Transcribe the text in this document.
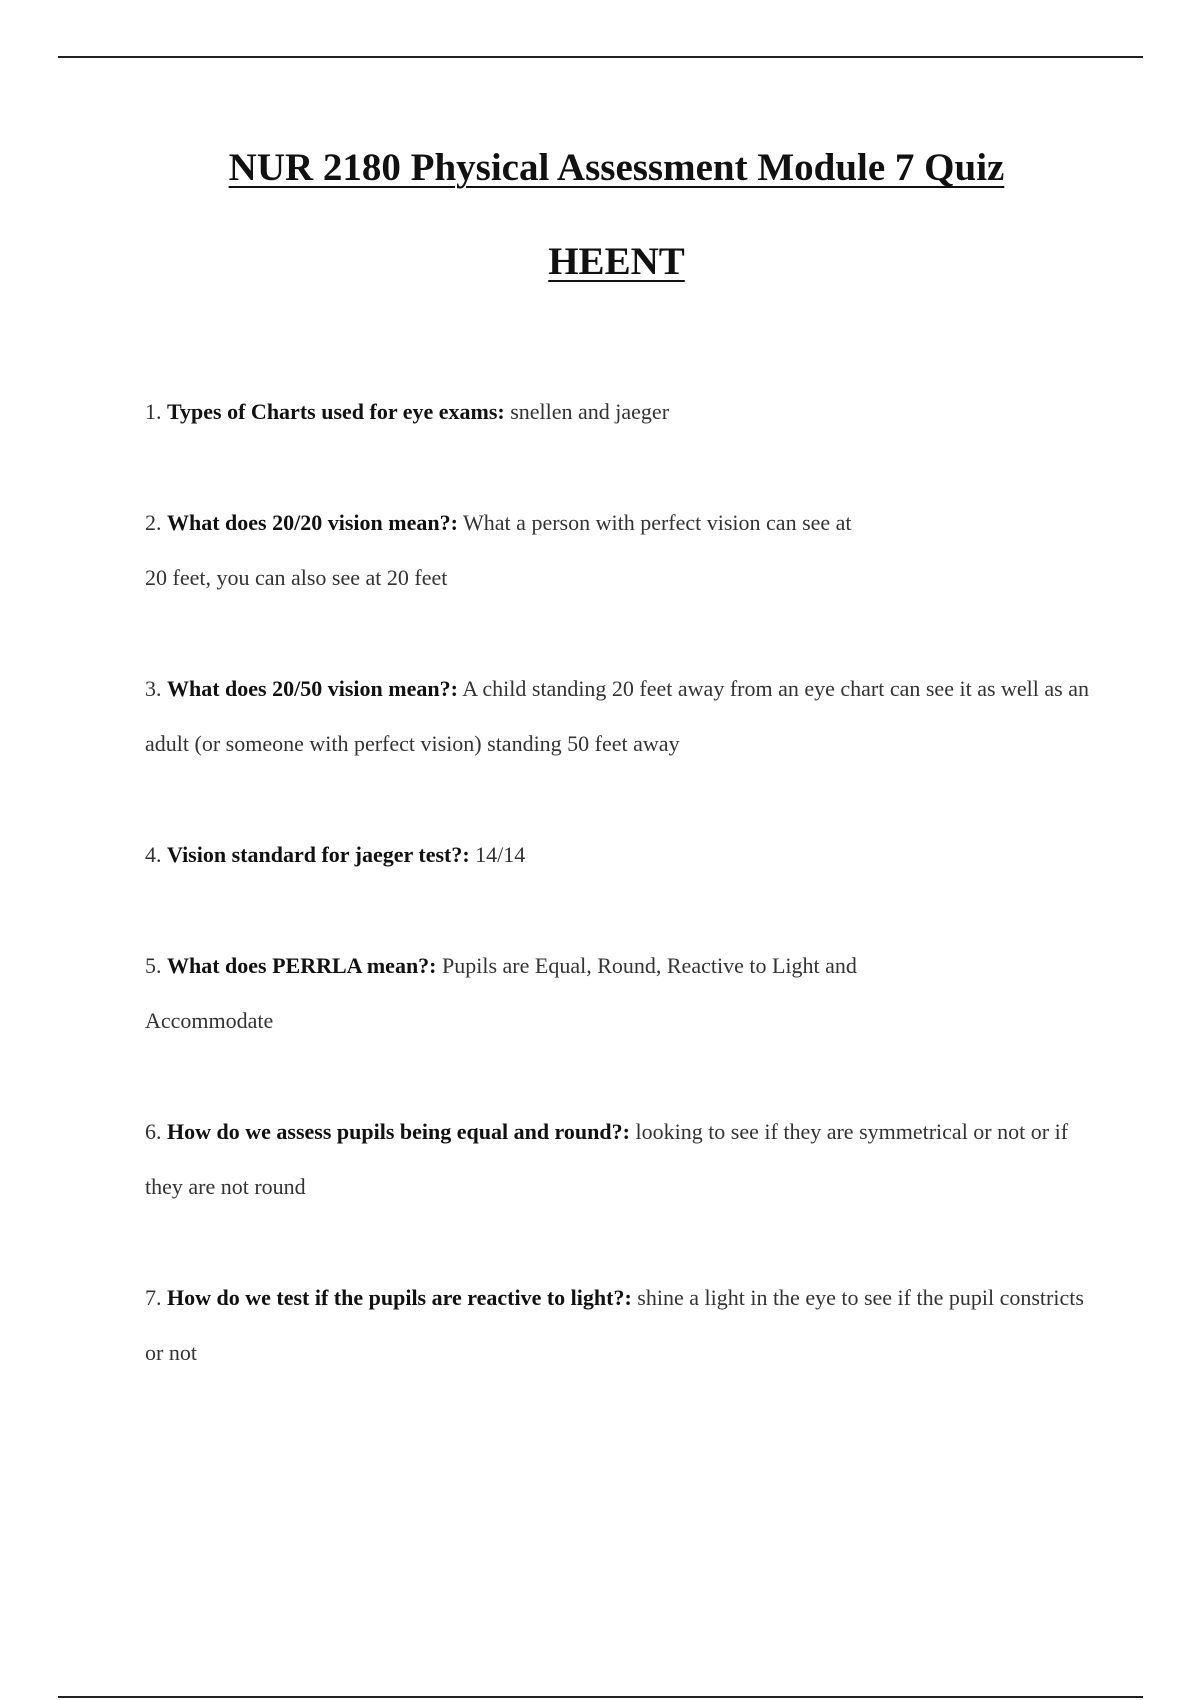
NUR 2180 Physical Assessment Module 7 Quiz
HEENT
1. Types of Charts used for eye exams: snellen and jaeger
2. What does 20/20 vision mean?: What a person with perfect vision can see at
20 feet, you can also see at 20 feet
3. What does 20/50 vision mean?: A child standing 20 feet away from an eye chart can see it as well as an adult (or someone with perfect vision) standing 50 feet away
4. Vision standard for jaeger test?: 14/14
5. What does PERRLA mean?: Pupils are Equal, Round, Reactive to Light and
Accommodate
6. How do we assess pupils being equal and round?: looking to see if they are symmetrical or not or if they are not round
7. How do we test if the pupils are reactive to light?: shine a light in the eye to see if the pupil constricts or not
